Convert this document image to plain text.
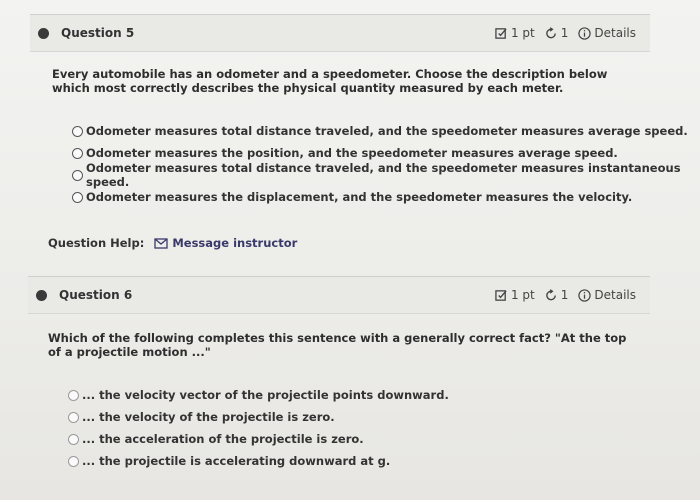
Question 5	1 pt 1 Details
Every automobile has an odometer and a speedometer. Choose the description below which most correctly describes the physical quantity measured by each meter.
Odometer measures total distance traveled, and the speedometer measures average speed.
Odometer measures the position, and the speedometer measures average speed.
Odometer measures total distance traveled, and the speedometer measures instantaneous speed.
Odometer measures the displacement, and the speedometer measures the velocity.
Question Help: Message instructor
Question 6	1 pt 1 Details
Which of the following completes this sentence with a generally correct fact? "At the top of a projectile motion ..."
... the velocity vector of the projectile points downward.
... the velocity of the projectile is zero.
... the acceleration of the projectile is zero.
... the projectile is accelerating downward at g.
